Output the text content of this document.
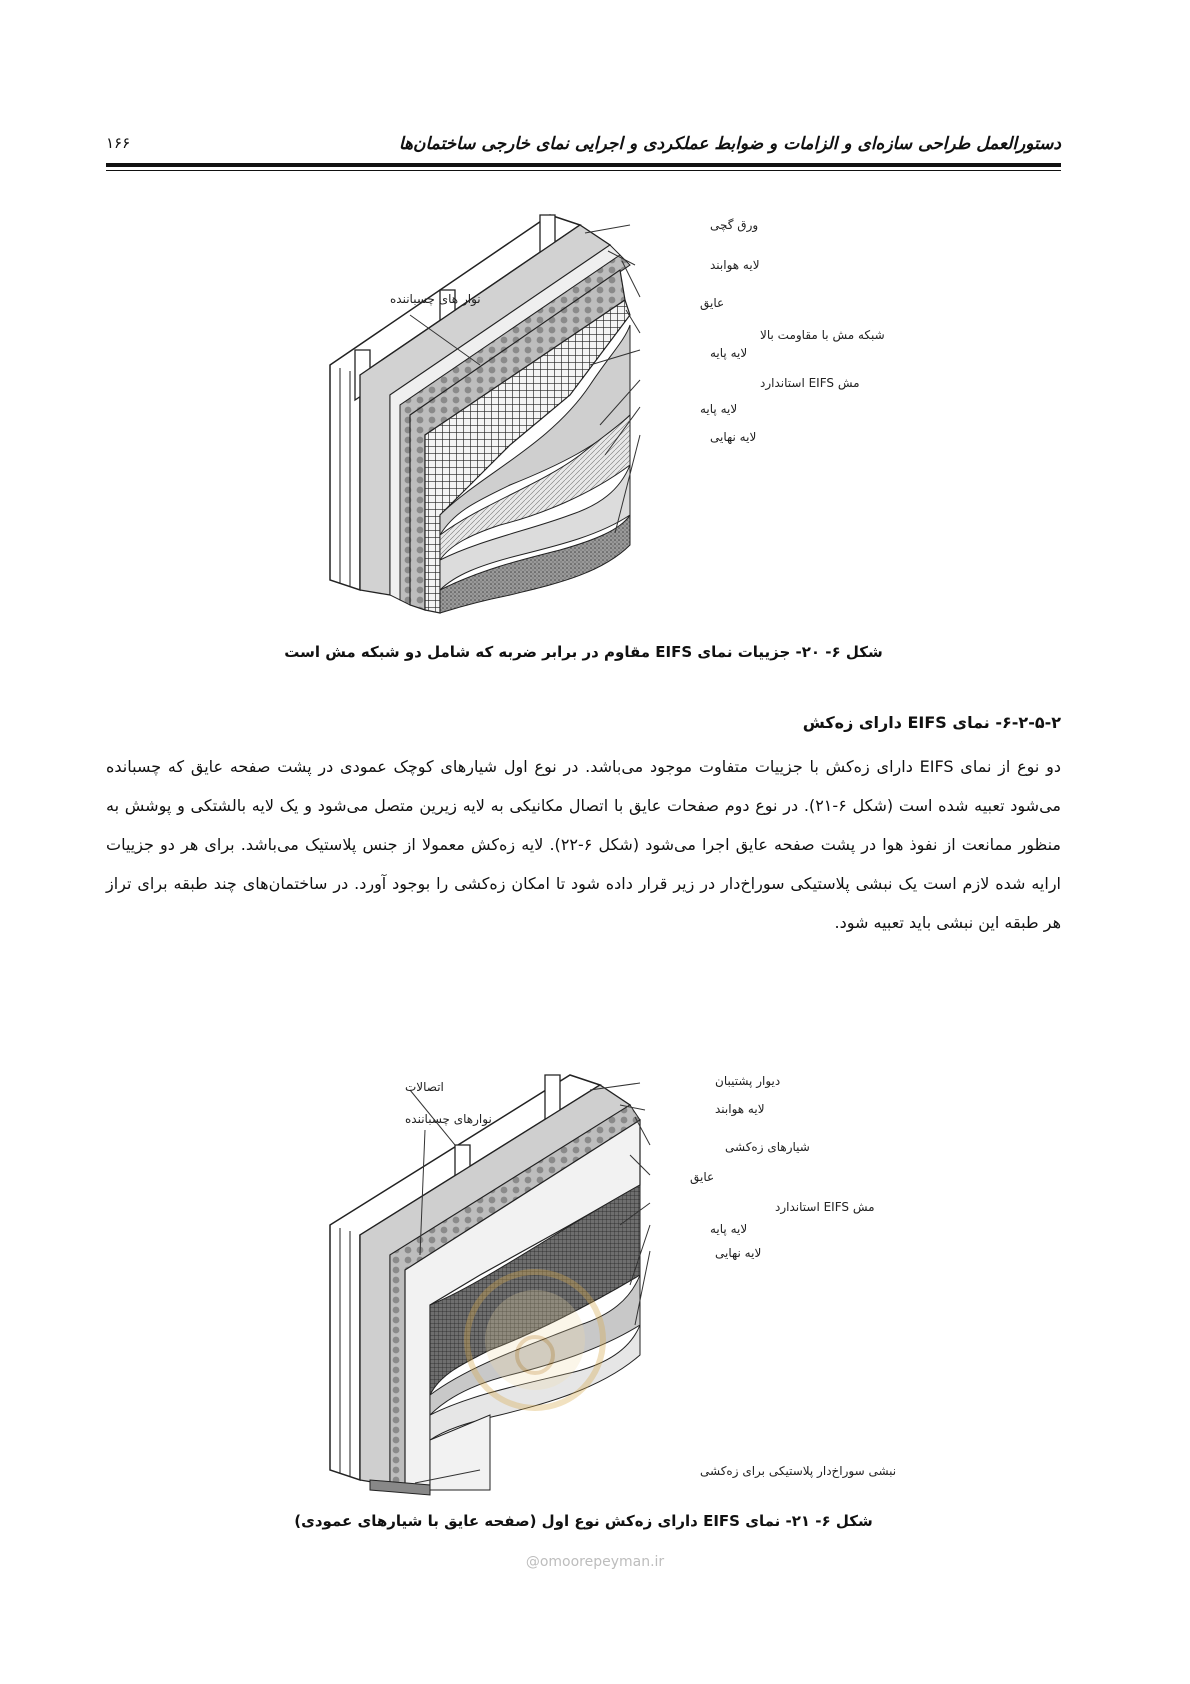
دستورالعمل طراحی سازه‌ای و الزامات و ضوابط عملکردی و اجرایی نمای خارجی ساختمان‌ها
۱۶۶
ورق گچی
لایه هوابند
نوار های چسباننده	عایق
شبکه مش با مقاومت بالا
لایه پایه
مش EIFS استاندارد
لایه پایه
لایه نهایی
شکل ۶- ۲۰- جزییات نمای EIFS مقاوم در برابر ضربه که شامل دو شبکه مش است
۶-۲-۵-۲- نمای EIFS دارای زه‌کش
دو نوع از نمای EIFS دارای زه‌کش با جزییات متفاوت موجود می‌باشد. در نوع اول شیارهای کوچک عمودی در پشت صفحه عایق که چسبانده می‌شود تعبیه شده است (شکل ۶-۲۱). در نوع دوم صفحات عایق با اتصال مکانیکی به لایه زیرین متصل می‌شود و یک لایه بالشتکی و پوشش به منظور ممانعت از نفوذ هوا در پشت صفحه عایق اجرا می‌شود (شکل ۶-۲۲). لایه زه‌کش معمولا از جنس پلاستیک می‌باشد. برای هر دو جزییات ارایه شده لازم است یک نبشی پلاستیکی سوراخ‌دار در زیر قرار داده شود تا امکان زه‌کشی را بوجود آورد. در ساختمان‌های چند طبقه برای تراز هر طبقه این نبشی باید تعبیه شود.
دیوار پشتیبان
اتصالات
لایه هوابند
نوارهای چسباننده
شیارهای زه‌کشی
عایق
مش EIFS استاندارد
لایه پایه
لایه نهایی
نبشی سوراخ‌دار پلاستیکی برای زه‌کشی
شکل ۶- ۲۱- نمای EIFS دارای زه‌کش نوع اول (صفحه عایق با شیارهای عمودی)
@omoorepeyman.ir
